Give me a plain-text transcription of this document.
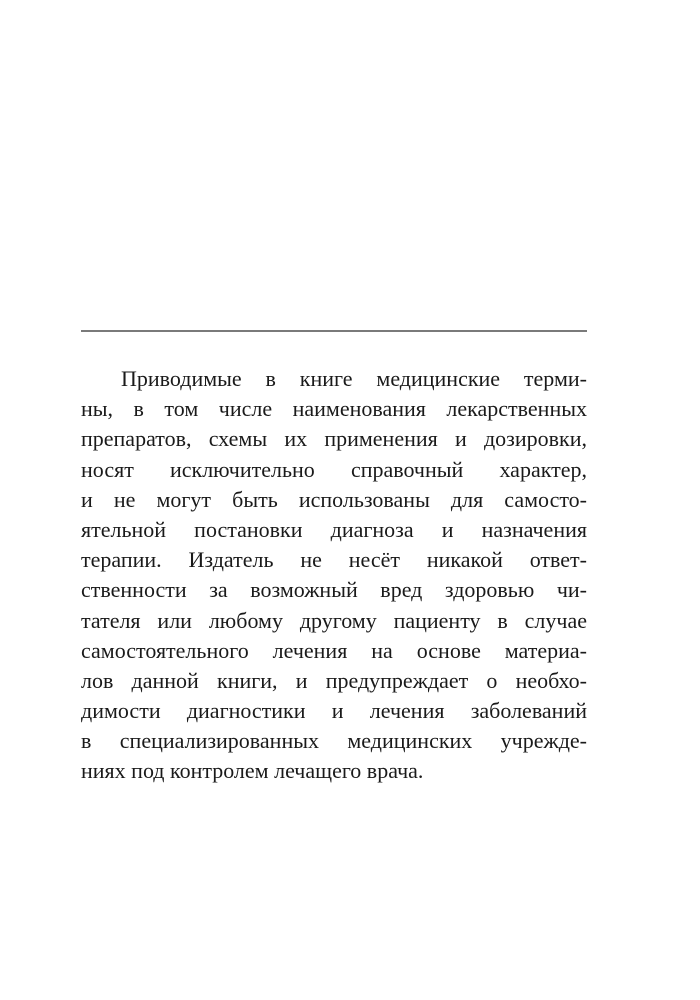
Приводимые в книге медицинские терми-
ны, в том числе наименования лекарственных
препаратов, схемы их применения и дозировки,
носят исключительно справочный характер,
и не могут быть использованы для самосто-
ятельной постановки диагноза и назначения
терапии. Издатель не несёт никакой ответ-
ственности за возможный вред здоровью чи-
тателя или любому другому пациенту в случае
самостоятельного лечения на основе материа-
лов данной книги, и предупреждает о необхо-
димости диагностики и лечения заболеваний
в специализированных медицинских учрежде-
ниях под контролем лечащего врача.
